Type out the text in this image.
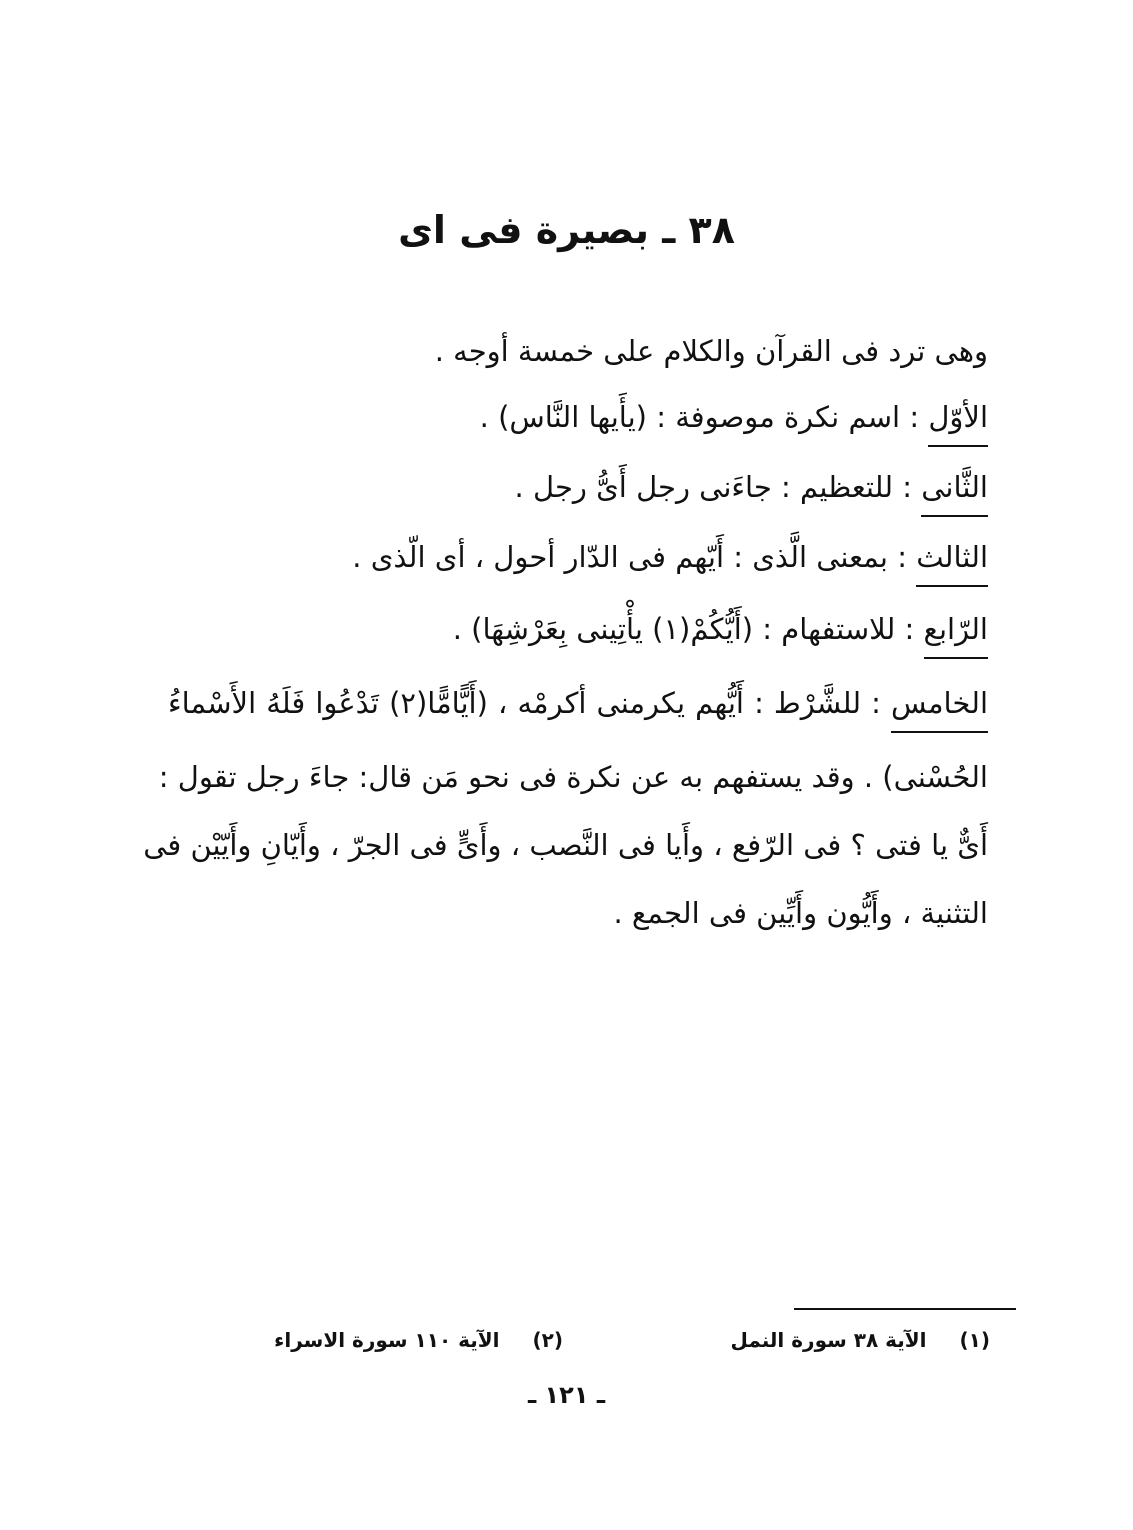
٣٨ ـ بصيرة فى اى
وهى ترد فى القرآن والكلام على خمسة أوجه .
الأوّل : اسم نكرة موصوفة : (يأَيها النَّاس) .
الثَّانى : للتعظيم : جاءَنى رجل أَىُّ رجل .
الثالث : بمعنى الَّذى : أَيّهم فى الدّار أحول ، أى الّذى .
الرّابع : للاستفهام : (أَيُّكُمْ(١) يأْتِينى بِعَرْشِهَا) .
الخامس : للشَّرْط : أَيُّهم يكرمنى أكرمْه ، (أَيًّامًّا(٢) تَدْعُوا فَلَهُ الأَسْماءُ
الحُسْنى) . وقد يستفهم به عن نكرة فى نحو مَن قال: جاءَ رجل تقول :
أَىٌّ يا فتى ؟ فى الرّفع ، وأَيا فى النَّصب ، وأَىٍّ فى الجرّ ، وأَيّانِ وأَيّيْن فى
التثنية ، وأَيُّون وأَيِّين فى الجمع .
(١) الآية ٣٨ سورة النمل
(٢) الآية ١١٠ سورة الاسراء
ـ ١٢١ ـ
